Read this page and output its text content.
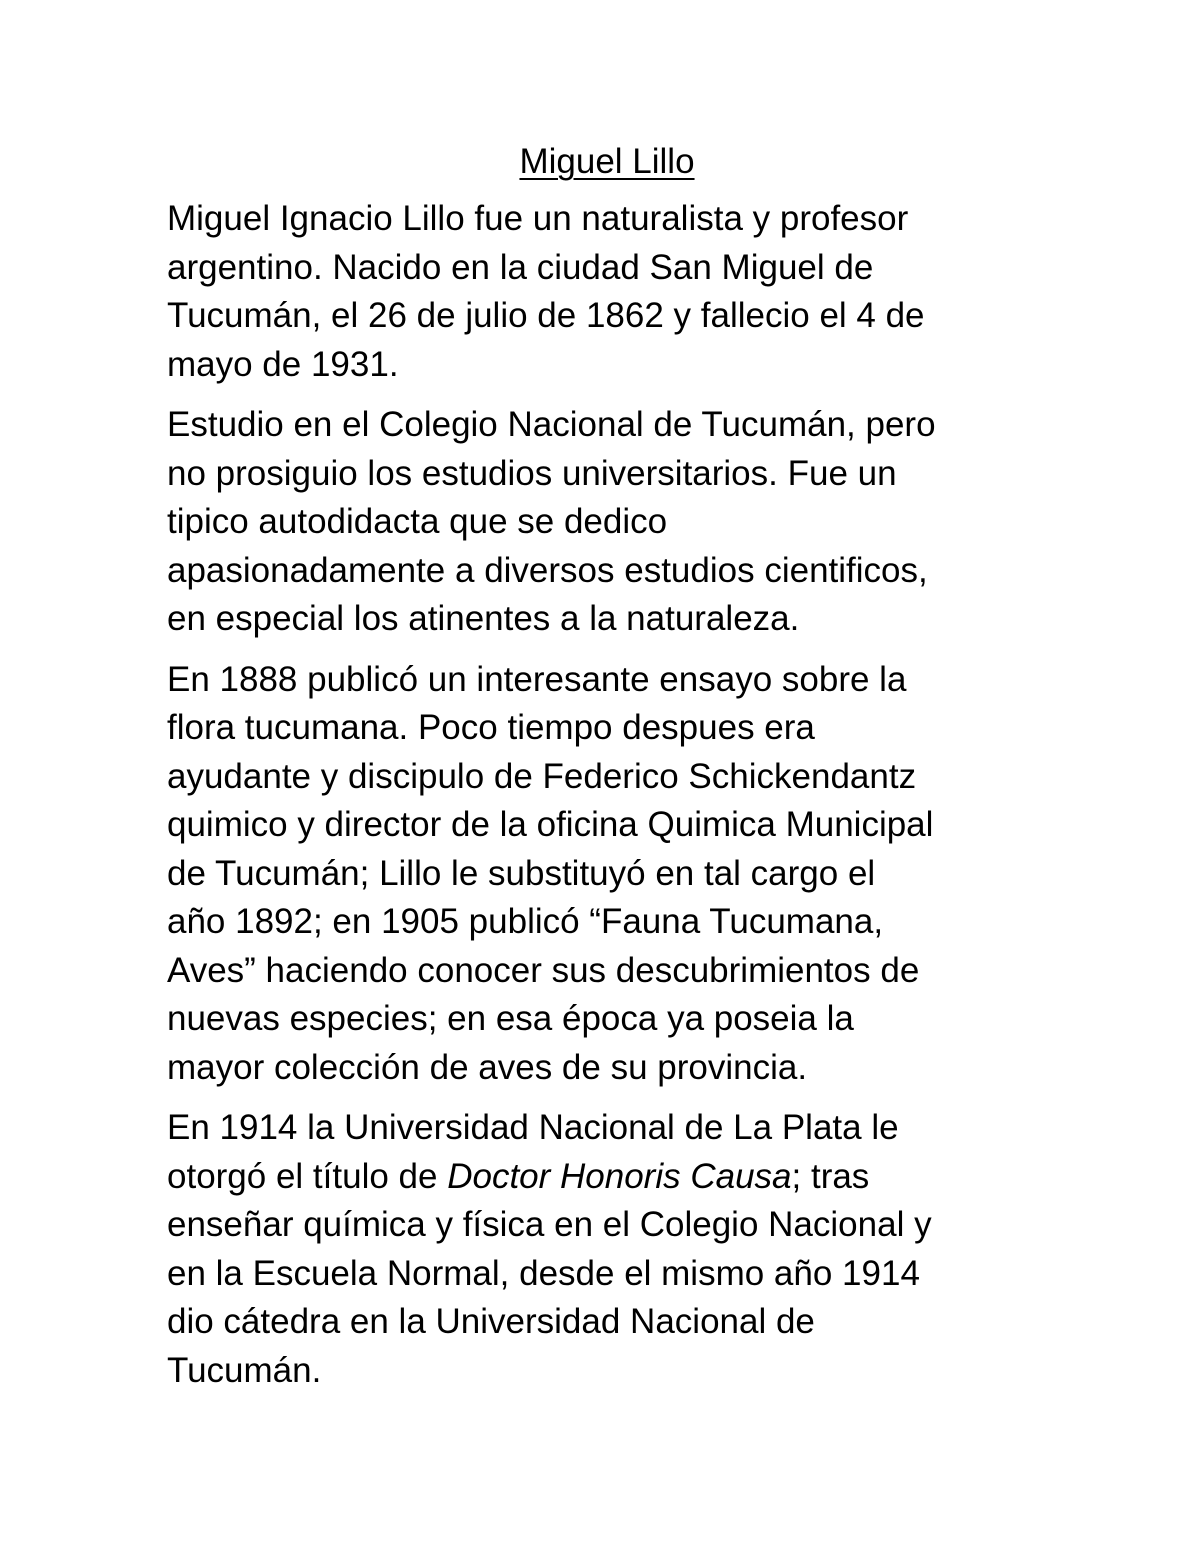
Miguel Lillo

Miguel Ignacio Lillo fue un naturalista y profesor
argentino. Nacido en la ciudad San Miguel de
Tucumán, el 26 de julio de 1862 y fallecio el 4 de
mayo de 1931.

Estudio en el Colegio Nacional de Tucumán, pero
no prosiguio los estudios universitarios. Fue un
tipico autodidacta que se dedico
apasionadamente a diversos estudios cientificos,
en especial los atinentes a la naturaleza.

En 1888 publicó un interesante ensayo sobre la
flora tucumana. Poco tiempo despues era
ayudante y discipulo de Federico Schickendantz
quimico y director de la oficina Quimica Municipal
de Tucumán; Lillo le substituyó en tal cargo el
año 1892; en 1905 publicó “Fauna Tucumana,
Aves” haciendo conocer sus descubrimientos de
nuevas especies; en esa época ya poseia la
mayor colección de aves de su provincia.

En 1914 la Universidad Nacional de La Plata le
otorgó el título de Doctor Honoris Causa; tras
enseñar química y física en el Colegio Nacional y
en la Escuela Normal, desde el mismo año 1914
dio cátedra en la Universidad Nacional de
Tucumán.
